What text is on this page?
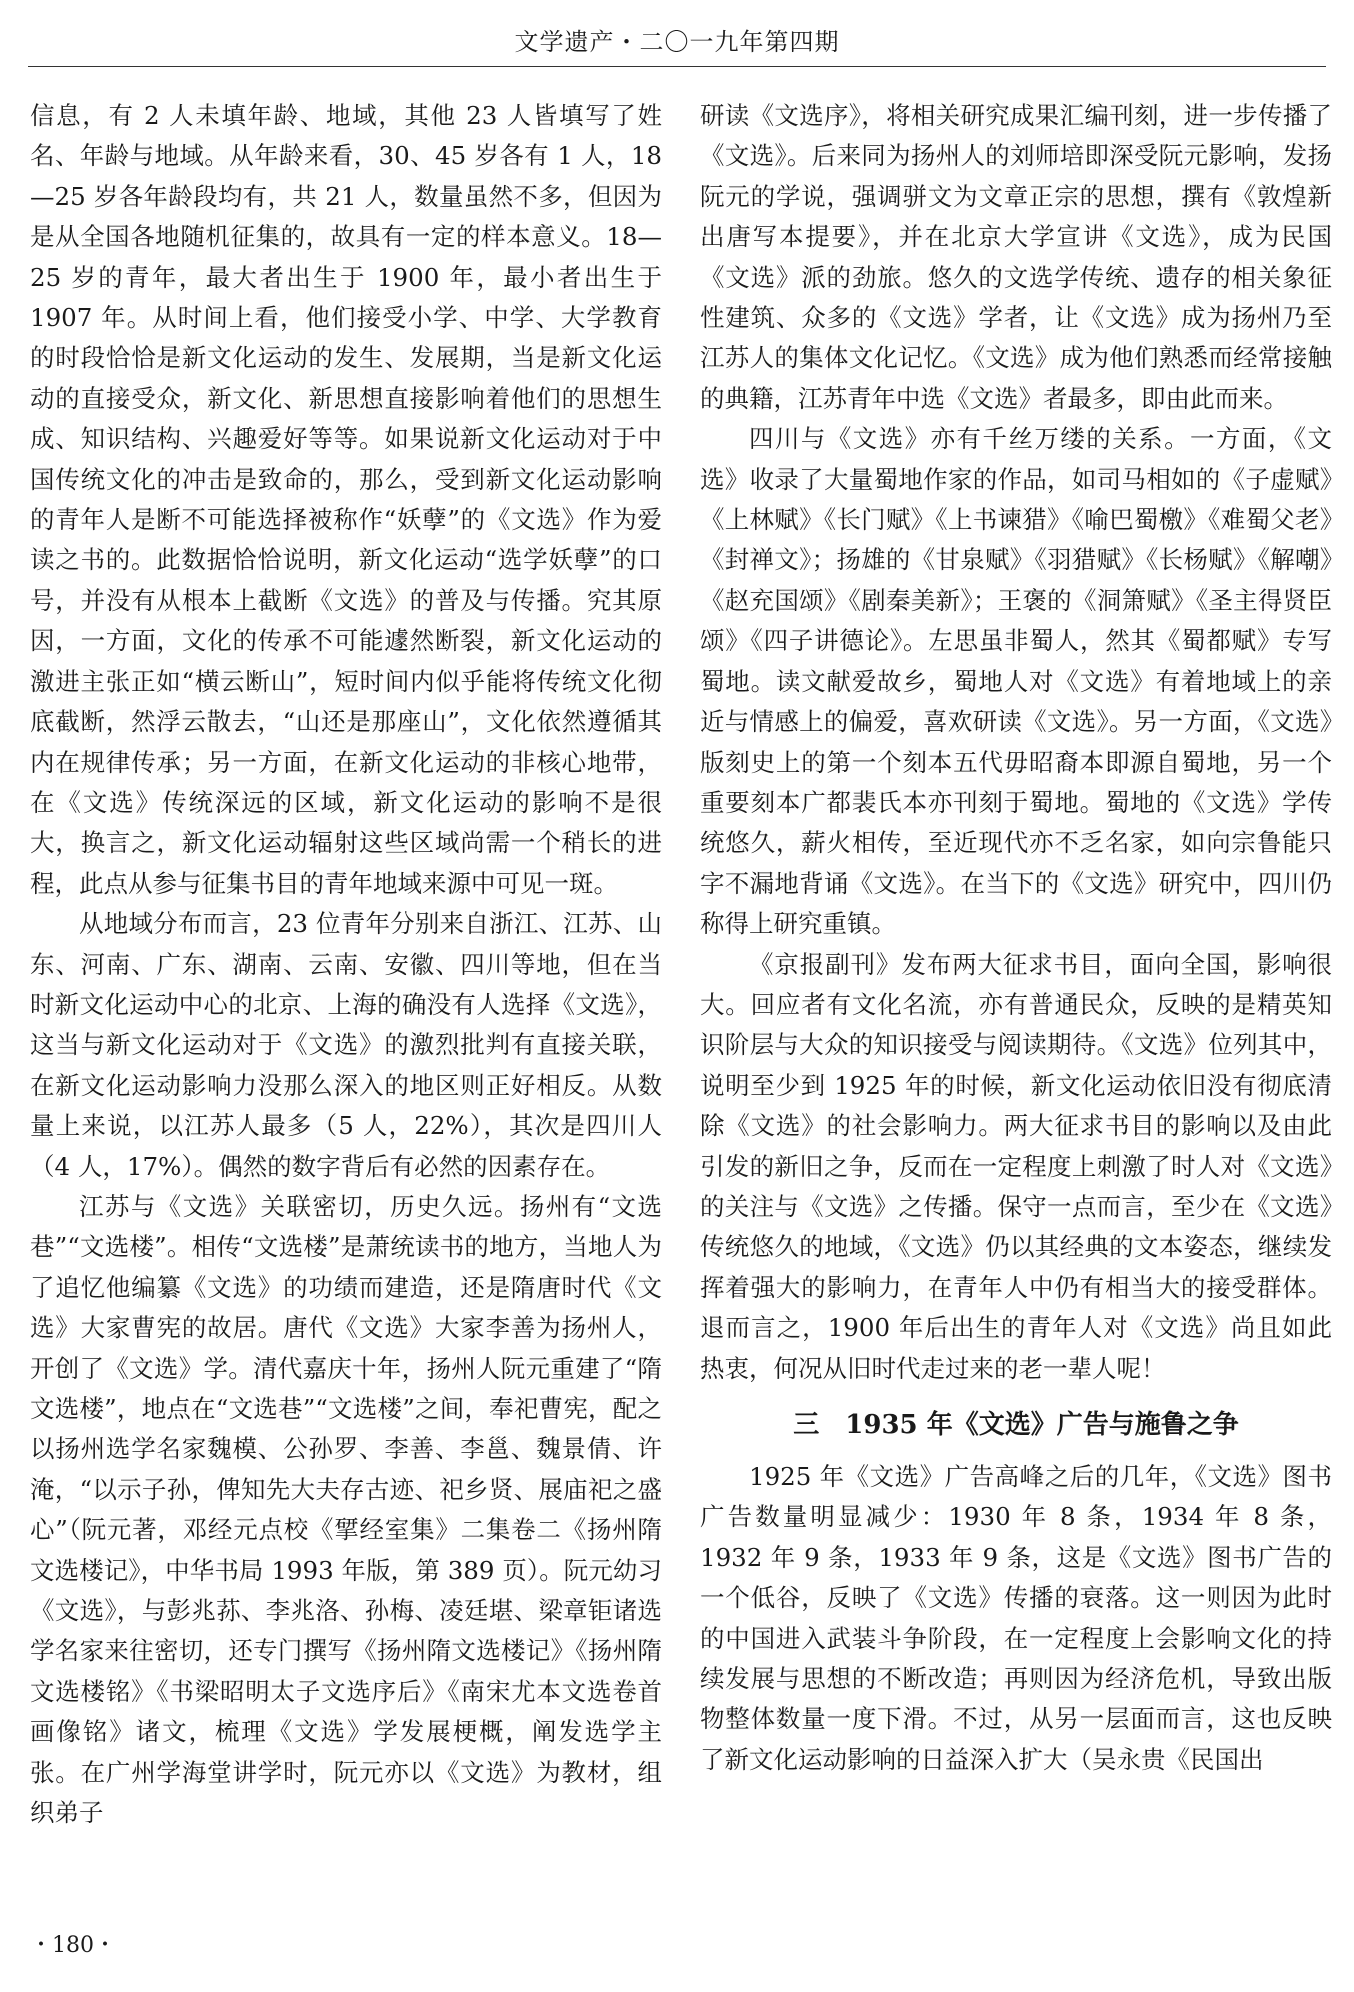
文学遗产・二〇一九年第四期

信息，有 2 人未填年龄、地域，其他 23 人皆填写了姓名、年龄与地域。从年龄来看，30、45 岁各有 1 人，18—25 岁各年龄段均有，共 21 人，数量虽然不多，但因为是从全国各地随机征集的，故具有一定的样本意义。18—25 岁的青年，最大者出生于 1900 年，最小者出生于 1907 年。从时间上看，他们接受小学、中学、大学教育的时段恰恰是新文化运动的发生、发展期，当是新文化运动的直接受众，新文化、新思想直接影响着他们的思想生成、知识结构、兴趣爱好等等。如果说新文化运动对于中国传统文化的冲击是致命的，那么，受到新文化运动影响的青年人是断不可能选择被称作“妖孽”的《文选》作为爱读之书的。此数据恰恰说明，新文化运动“选学妖孽”的口号，并没有从根本上截断《文选》的普及与传播。究其原因，一方面，文化的传承不可能遽然断裂，新文化运动的激进主张正如“横云断山”，短时间内似乎能将传统文化彻底截断，然浮云散去，“山还是那座山”，文化依然遵循其内在规律传承；另一方面，在新文化运动的非核心地带，在《文选》传统深远的区域，新文化运动的影响不是很大，换言之，新文化运动辐射这些区域尚需一个稍长的进程，此点从参与征集书目的青年地域来源中可见一斑。

从地域分布而言，23 位青年分别来自浙江、江苏、山东、河南、广东、湖南、云南、安徽、四川等地，但在当时新文化运动中心的北京、上海的确没有人选择《文选》，这当与新文化运动对于《文选》的激烈批判有直接关联，在新文化运动影响力没那么深入的地区则正好相反。从数量上来说，以江苏人最多（5 人，22%），其次是四川人（4 人，17%）。偶然的数字背后有必然的因素存在。

江苏与《文选》关联密切，历史久远。扬州有“文选巷”“文选楼”。相传“文选楼”是萧统读书的地方，当地人为了追忆他编纂《文选》的功绩而建造，还是隋唐时代《文选》大家曹宪的故居。唐代《文选》大家李善为扬州人，开创了《文选》学。清代嘉庆十年，扬州人阮元重建了“隋文选楼”，地点在“文选巷”“文选楼”之间，奉祀曹宪，配之以扬州选学名家魏模、公孙罗、李善、李邕、魏景倩、许淹，“以示子孙，俾知先大夫存古迹、祀乡贤、展庙祀之盛心”（阮元著，邓经元点校《揅经室集》二集卷二《扬州隋文选楼记》，中华书局 1993 年版，第 389 页）。阮元幼习《文选》，与彭兆荪、李兆洛、孙梅、凌廷堪、梁章钜诸选学名家来往密切，还专门撰写《扬州隋文选楼记》《扬州隋文选楼铭》《书梁昭明太子文选序后》《南宋尤本文选卷首画像铭》诸文，梳理《文选》学发展梗概，阐发选学主张。在广州学海堂讲学时，阮元亦以《文选》为教材，组织弟子

研读《文选序》，将相关研究成果汇编刊刻，进一步传播了《文选》。后来同为扬州人的刘师培即深受阮元影响，发扬阮元的学说，强调骈文为文章正宗的思想，撰有《敦煌新出唐写本提要》，并在北京大学宣讲《文选》，成为民国《文选》派的劲旅。悠久的文选学传统、遗存的相关象征性建筑、众多的《文选》学者，让《文选》成为扬州乃至江苏人的集体文化记忆。《文选》成为他们熟悉而经常接触的典籍，江苏青年中选《文选》者最多，即由此而来。

四川与《文选》亦有千丝万缕的关系。一方面，《文选》收录了大量蜀地作家的作品，如司马相如的《子虚赋》《上林赋》《长门赋》《上书谏猎》《喻巴蜀檄》《难蜀父老》《封禅文》；扬雄的《甘泉赋》《羽猎赋》《长杨赋》《解嘲》《赵充国颂》《剧秦美新》；王褒的《洞箫赋》《圣主得贤臣颂》《四子讲德论》。左思虽非蜀人，然其《蜀都赋》专写蜀地。读文献爱故乡，蜀地人对《文选》有着地域上的亲近与情感上的偏爱，喜欢研读《文选》。另一方面，《文选》版刻史上的第一个刻本五代毋昭裔本即源自蜀地，另一个重要刻本广都裴氏本亦刊刻于蜀地。蜀地的《文选》学传统悠久，薪火相传，至近现代亦不乏名家，如向宗鲁能只字不漏地背诵《文选》。在当下的《文选》研究中，四川仍称得上研究重镇。

《京报副刊》发布两大征求书目，面向全国，影响很大。回应者有文化名流，亦有普通民众，反映的是精英知识阶层与大众的知识接受与阅读期待。《文选》位列其中，说明至少到 1925 年的时候，新文化运动依旧没有彻底清除《文选》的社会影响力。两大征求书目的影响以及由此引发的新旧之争，反而在一定程度上刺激了时人对《文选》的关注与《文选》之传播。保守一点而言，至少在《文选》传统悠久的地域，《文选》仍以其经典的文本姿态，继续发挥着强大的影响力，在青年人中仍有相当大的接受群体。退而言之，1900 年后出生的青年人对《文选》尚且如此热衷，何况从旧时代走过来的老一辈人呢！

三　1935 年《文选》广告与施鲁之争

1925 年《文选》广告高峰之后的几年，《文选》图书广告数量明显减少：1930 年 8 条，1934 年 8 条，1932 年 9 条，1933 年 9 条，这是《文选》图书广告的一个低谷，反映了《文选》传播的衰落。这一则因为此时的中国进入武装斗争阶段，在一定程度上会影响文化的持续发展与思想的不断改造；再则因为经济危机，导致出版物整体数量一度下滑。不过，从另一层面而言，这也反映了新文化运动影响的日益深入扩大（吴永贵《民国出

・180・
